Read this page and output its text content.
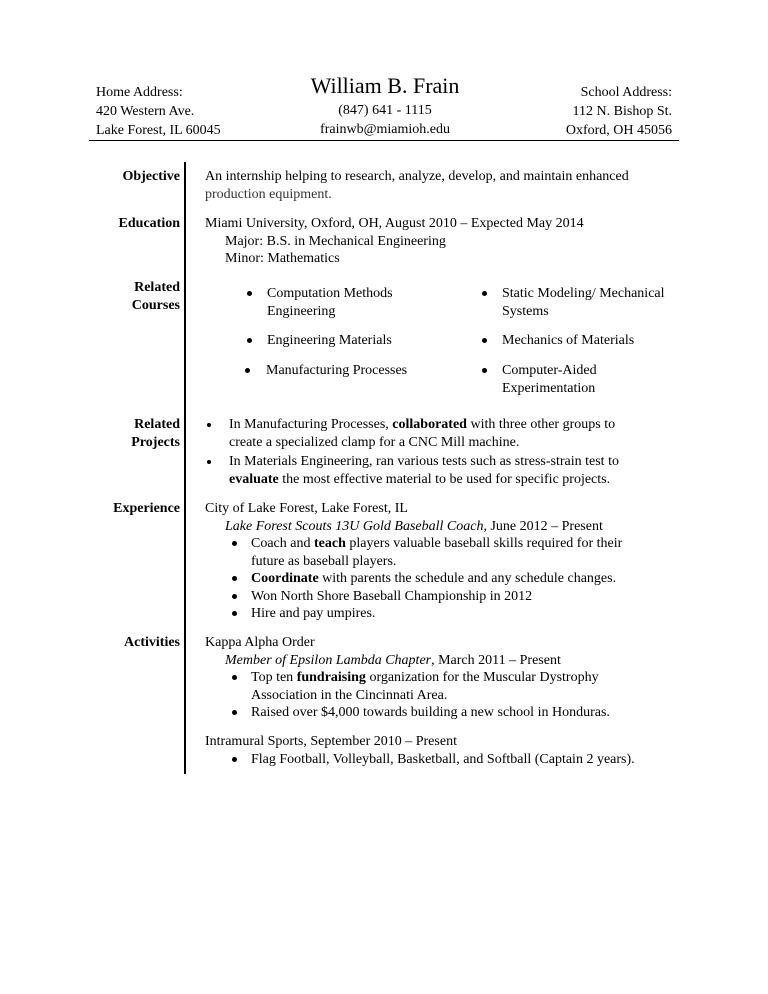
Home Address:
420 Western Ave.
Lake Forest, IL 60045
William B. Frain
(847) 641 - 1115
frainwb@miamioh.edu
School Address:
112 N. Bishop St.
Oxford, OH 45056
Objective An internship helping to research, analyze, develop, and maintain enhanced
production equipment.
Education Miami University, Oxford, OH, August 2010 – Expected May 2014
Major: B.S. in Mechanical Engineering
Minor: Mathematics
Related
Courses
Computation Methods
Engineering
Static Modeling/ Mechanical
Systems
Engineering Materials	Mechanics of Materials
Manufacturing Processes	Computer-Aided
Experimentation
Related
Projects
In Manufacturing Processes, collaborated with three other groups to
create a specialized clamp for a CNC Mill machine.
In Materials Engineering, ran various tests such as stress-strain test to
evaluate the most effective material to be used for specific projects.
Experience City of Lake Forest, Lake Forest, IL
Lake Forest Scouts 13U Gold Baseball Coach, June 2012 – Present
Coach and teach players valuable baseball skills required for their
future as baseball players.
Coordinate with parents the schedule and any schedule changes.
Won North Shore Baseball Championship in 2012
Hire and pay umpires.
Activities Kappa Alpha Order
Member of Epsilon Lambda Chapter, March 2011 – Present
Top ten fundraising organization for the Muscular Dystrophy
Association in the Cincinnati Area.
Raised over $4,000 towards building a new school in Honduras.
Intramural Sports, September 2010 – Present
Flag Football, Volleyball, Basketball, and Softball (Captain 2 years).
